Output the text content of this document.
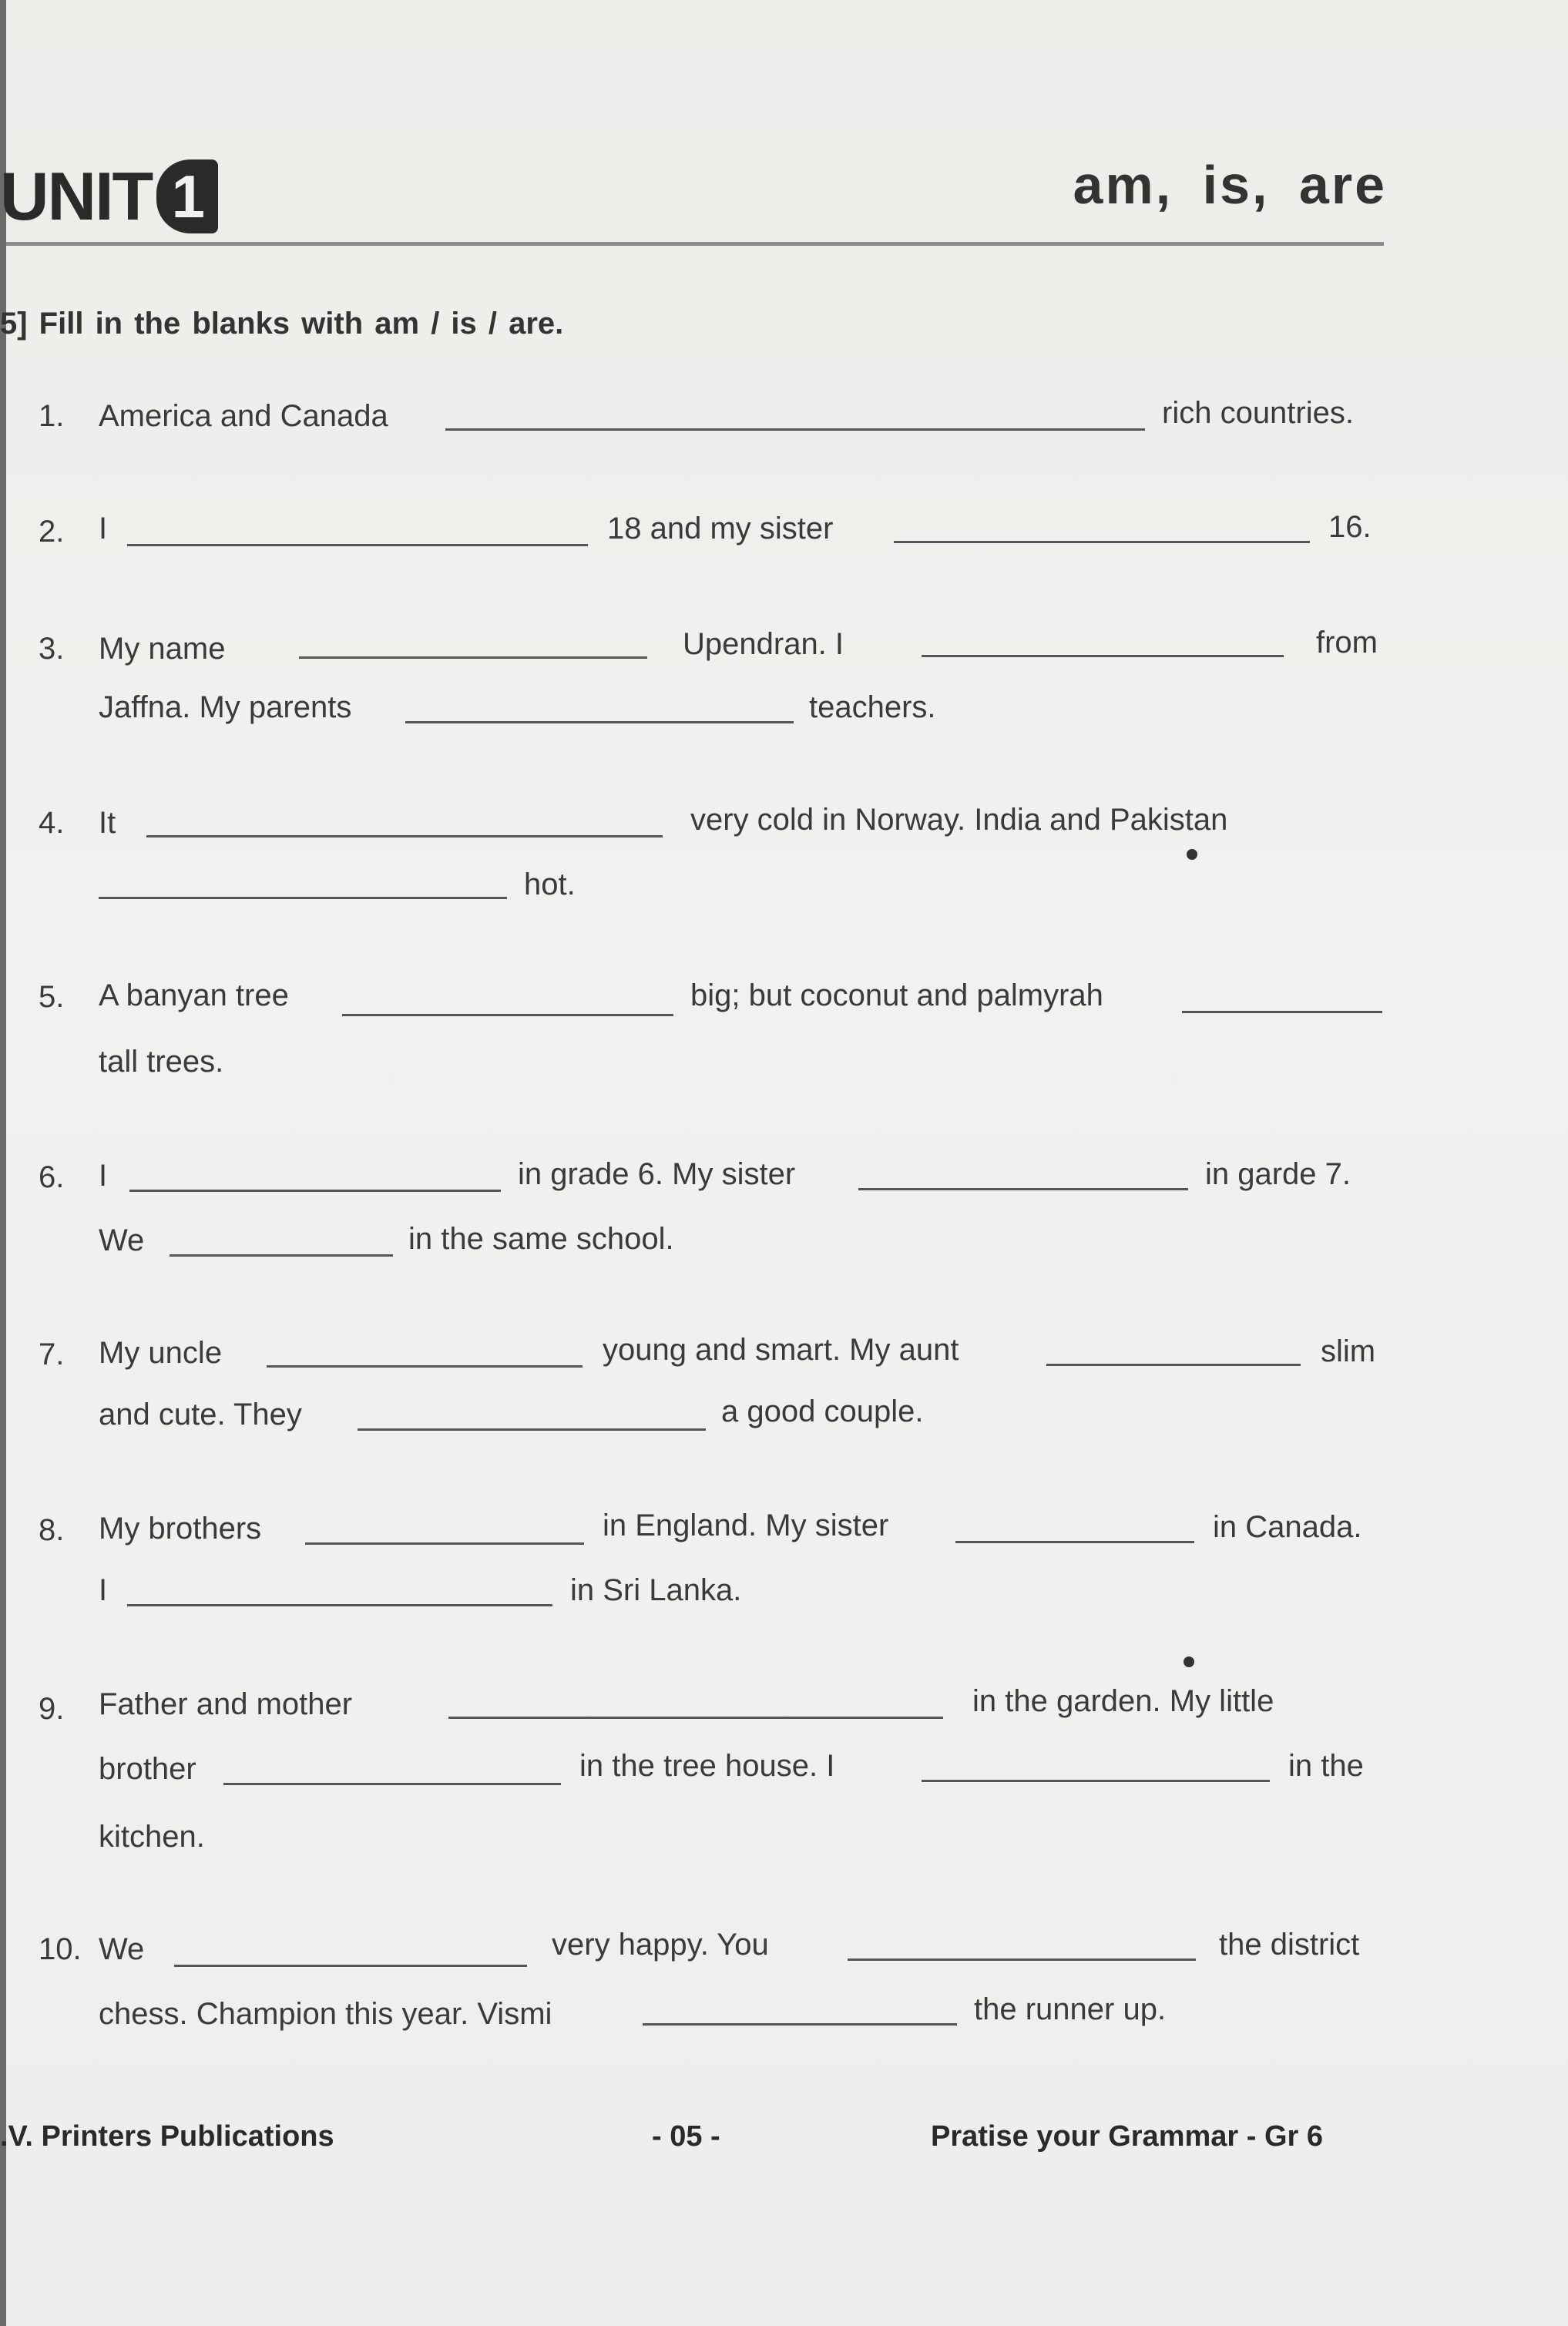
UNIT 1	am, is, are
5] Fill in the blanks with am / is / are.
1. America and Canada	rich countries.
2. I	18 and my sister	16.
3. My name	Upendran. I	from
Jaffna. My parents	teachers.
4. It	very cold in Norway. India and Pakistan
hot.
5. A banyan tree	big; but coconut and palmyrah
tall trees.
6. I	in grade 6. My sister	in garde 7.
We	in the same school.
7. My uncle	young and smart. My aunt	slim
and cute. They	a good couple.
8. My brothers	in England. My sister	in Canada.
I	in Sri Lanka.
9. Father and mother	in the garden. My little
brother	in the tree house. I	in the
kitchen.
10. We	very happy. You	the district
chess. Champion this year. Vismi	the runner up.
.V. Printers Publications	- 05 -	Pratise your Grammar - Gr 6
